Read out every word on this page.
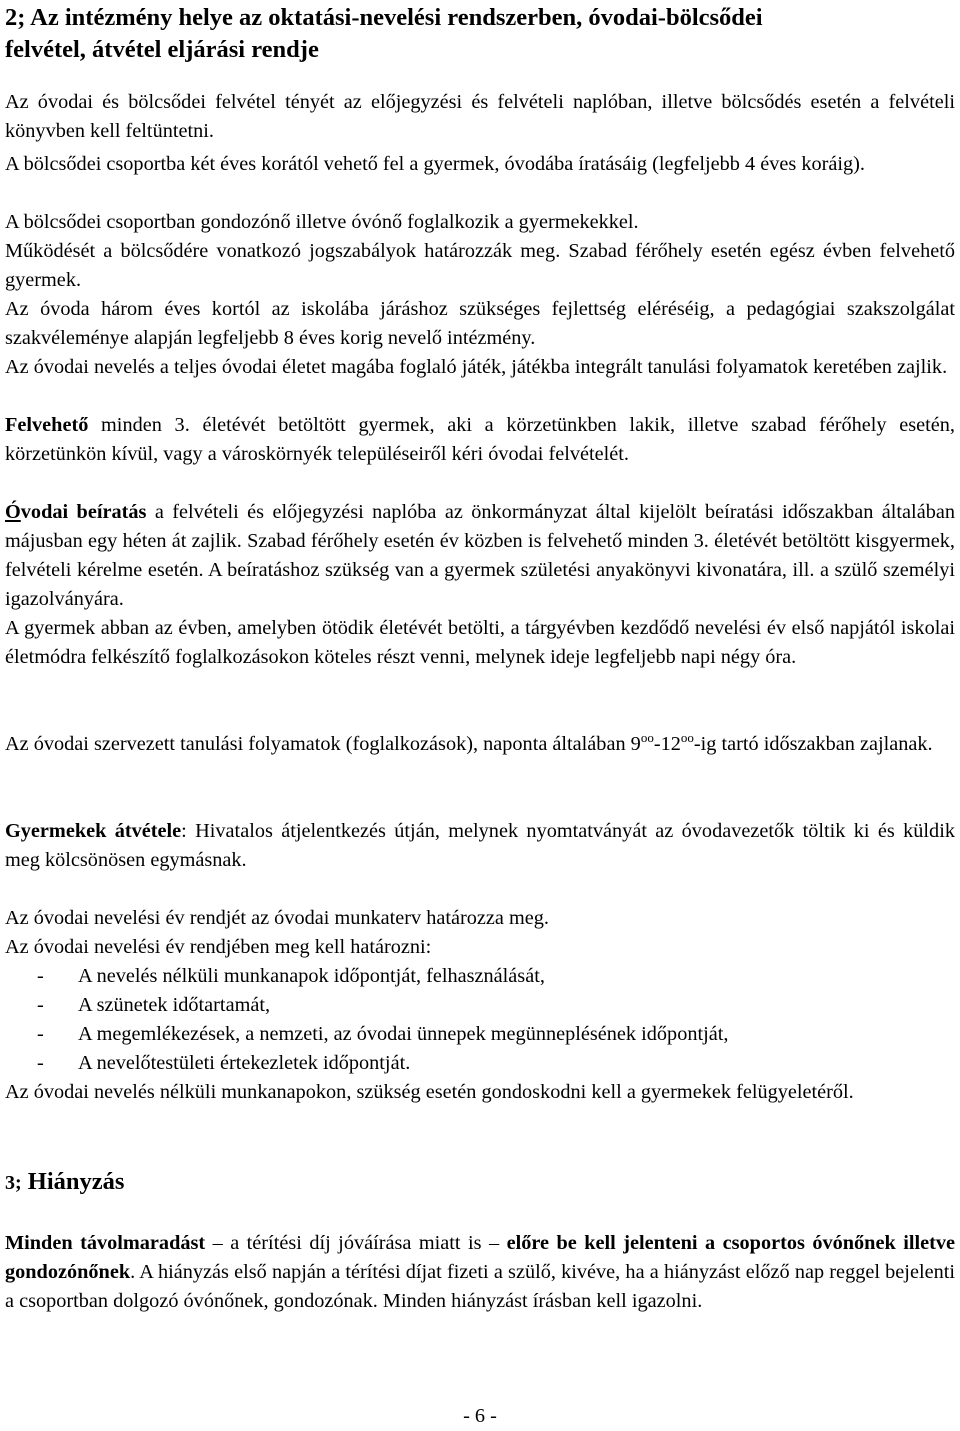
2; Az intézmény helye az oktatási-nevelési rendszerben, óvodai-bölcsődei
felvétel, átvétel eljárási rendje

Az óvodai és bölcsődei felvétel tényét az előjegyzési és felvételi naplóban, illetve bölcsődés esetén a felvételi könyvben kell feltüntetni.

A bölcsődei csoportba két éves korától vehető fel a gyermek, óvodába íratásáig (legfeljebb 4 éves koráig).

A bölcsődei csoportban gondozónő illetve óvónő foglalkozik a gyermekekkel.

Működését a bölcsődére vonatkozó jogszabályok határozzák meg. Szabad férőhely esetén egész évben felvehető gyermek.

Az óvoda három éves kortól az iskolába járáshoz szükséges fejlettség eléréséig, a pedagógiai szakszolgálat szakvéleménye alapján legfeljebb 8 éves korig nevelő intézmény.

Az óvodai nevelés a teljes óvodai életet magába foglaló játék, játékba integrált tanulási folyamatok keretében zajlik.

Felvehető minden 3. életévét betöltött gyermek, aki a körzetünkben lakik, illetve szabad férőhely esetén, körzetünkön kívül, vagy a városkörnyék településeiről kéri óvodai felvételét.

Óvodai beíratás a felvételi és előjegyzési naplóba az önkormányzat által kijelölt beíratási időszakban általában májusban egy héten át zajlik. Szabad férőhely esetén év közben is felvehető minden 3. életévét betöltött kisgyermek, felvételi kérelme esetén. A beíratáshoz szükség van a gyermek születési anyakönyvi kivonatára, ill. a szülő személyi igazolványára.

A gyermek abban az évben, amelyben ötödik életévét betölti, a tárgyévben kezdődő nevelési év első napjától iskolai életmódra felkészítő foglalkozásokon köteles részt venni, melynek ideje legfeljebb napi négy óra.

Az óvodai szervezett tanulási folyamatok (foglalkozások), naponta általában $9^{oo}-12^{oo}-ig$ tartó időszakban zajlanak.

Gyermekek átvétele: Hivatalos átjelentkezés útján, melynek nyomtatványát az óvodavezetők töltik ki és küldik meg kölcsönösen egymásnak.

Az óvodai nevelési év rendjét az óvodai munkaterv határozza meg.

Az óvodai nevelési év rendjében meg kell határozni:

- A nevelés nélküli munkanapok időpontját, felhasználását,
- A szünetek időtartamát,
- A megemlékezések, a nemzeti, az óvodai ünnepek megünneplésének időpontját,
- A nevelőtestületi értekezletek időpontját.

Az óvodai nevelés nélküli munkanapokon, szükség esetén gondoskodni kell a gyermekek felügyeletéről.

3; Hiányzás

Minden távolmaradást – a térítési díj jóváírása miatt is – előre be kell jelenteni a csoportos óvónőnek illetve gondozónőnek. A hiányzás első napján a térítési díjat fizeti a szülő, kivéve, ha a hiányzást előző nap reggel bejelenti a csoportban dolgozó óvónőnek, gondozónak. Minden hiányzást írásban kell igazolni.

- 6 -
